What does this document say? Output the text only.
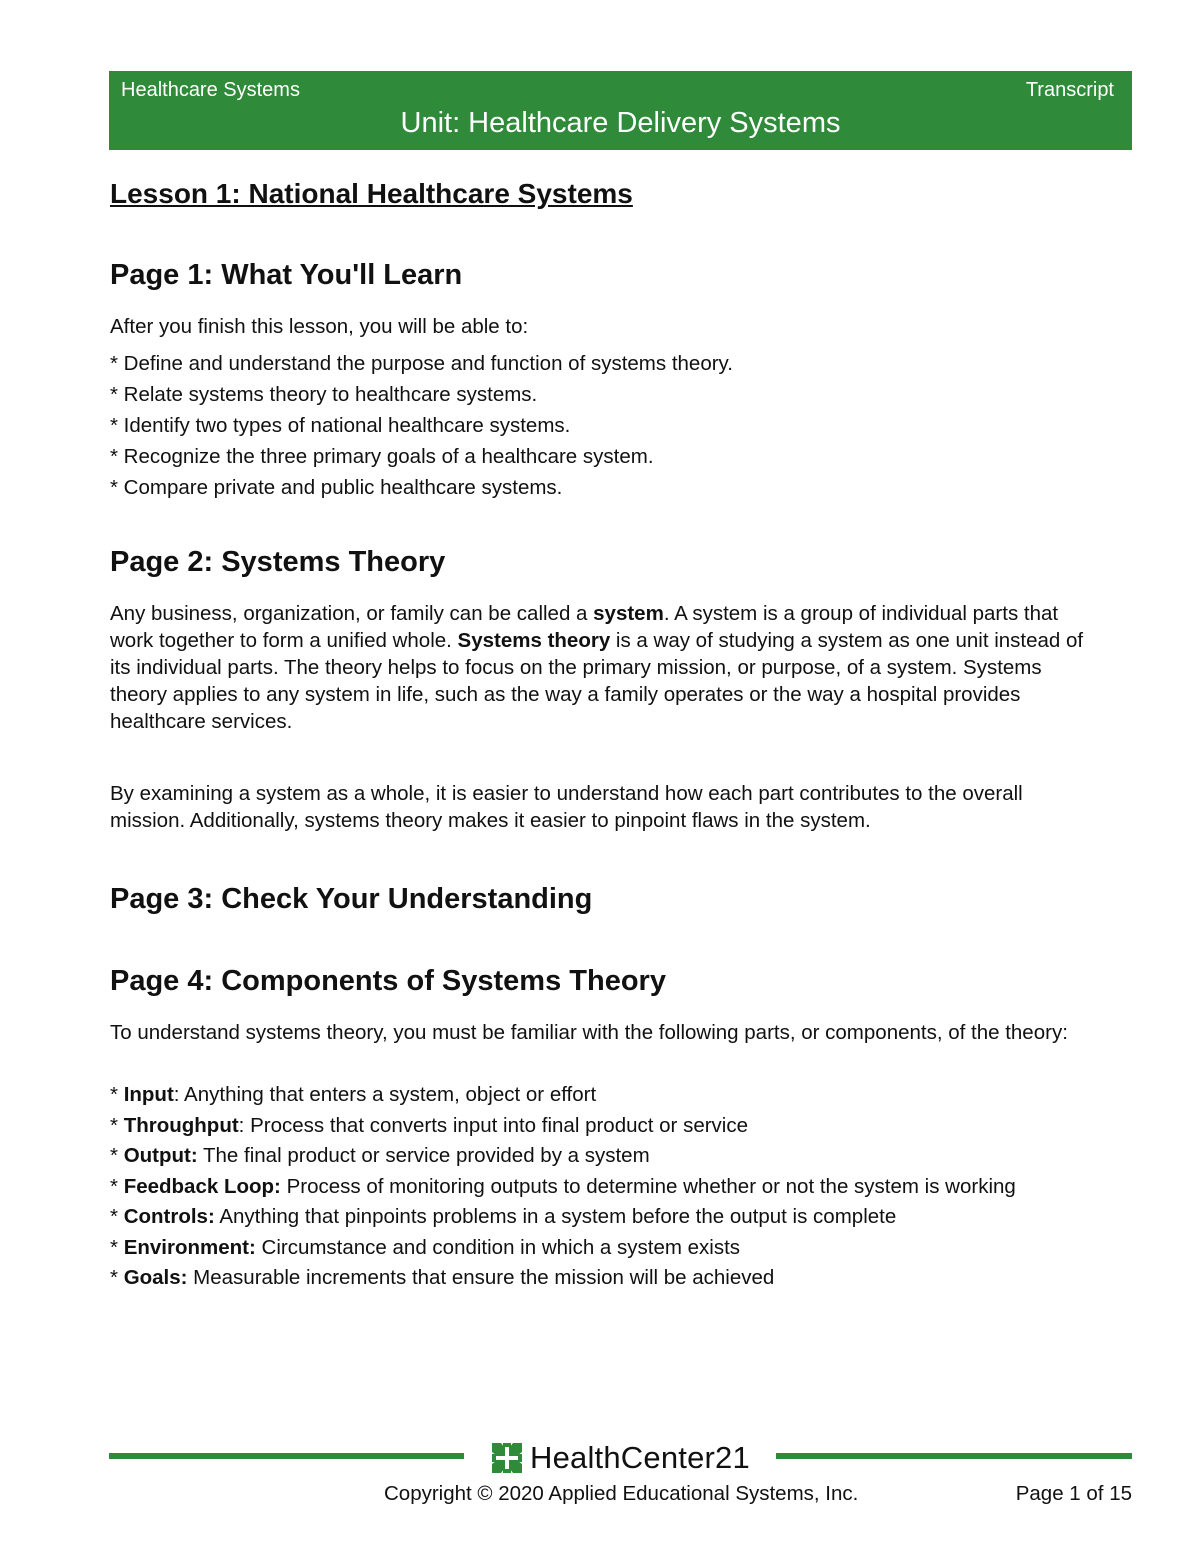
Healthcare Systems	Transcript
Unit: Healthcare Delivery Systems
Lesson 1: National Healthcare Systems
Page 1: What You'll Learn

After you finish this lesson, you will be able to:

* Define and understand the purpose and function of systems theory.
* Relate systems theory to healthcare systems.
* Identify two types of national healthcare systems.
* Recognize the three primary goals of a healthcare system.
* Compare private and public healthcare systems.
Page 2: Systems Theory

Any business, organization, or family can be called a system. A system is a group of individual parts that work together to form a unified whole. Systems theory is a way of studying a system as one unit instead of its individual parts. The theory helps to focus on the primary mission, or purpose, of a system. Systems theory applies to any system in life, such as the way a family operates or the way a hospital provides healthcare services.

By examining a system as a whole, it is easier to understand how each part contributes to the overall mission. Additionally, systems theory makes it easier to pinpoint flaws in the system.

Page 3: Check Your Understanding
Page 4: Components of Systems Theory

To understand systems theory, you must be familiar with the following parts, or components, of the theory:

* Input: Anything that enters a system, object or effort
* Throughput: Process that converts input into final product or service
* Output: The final product or service provided by a system
* Feedback Loop: Process of monitoring outputs to determine whether or not the system is working
* Controls: Anything that pinpoints problems in a system before the output is complete
* Environment: Circumstance and condition in which a system exists
* Goals: Measurable increments that ensure the mission will be achieved
HealthCenter21
Copyright © 2020 Applied Educational Systems, Inc.	Page 1 of 15
